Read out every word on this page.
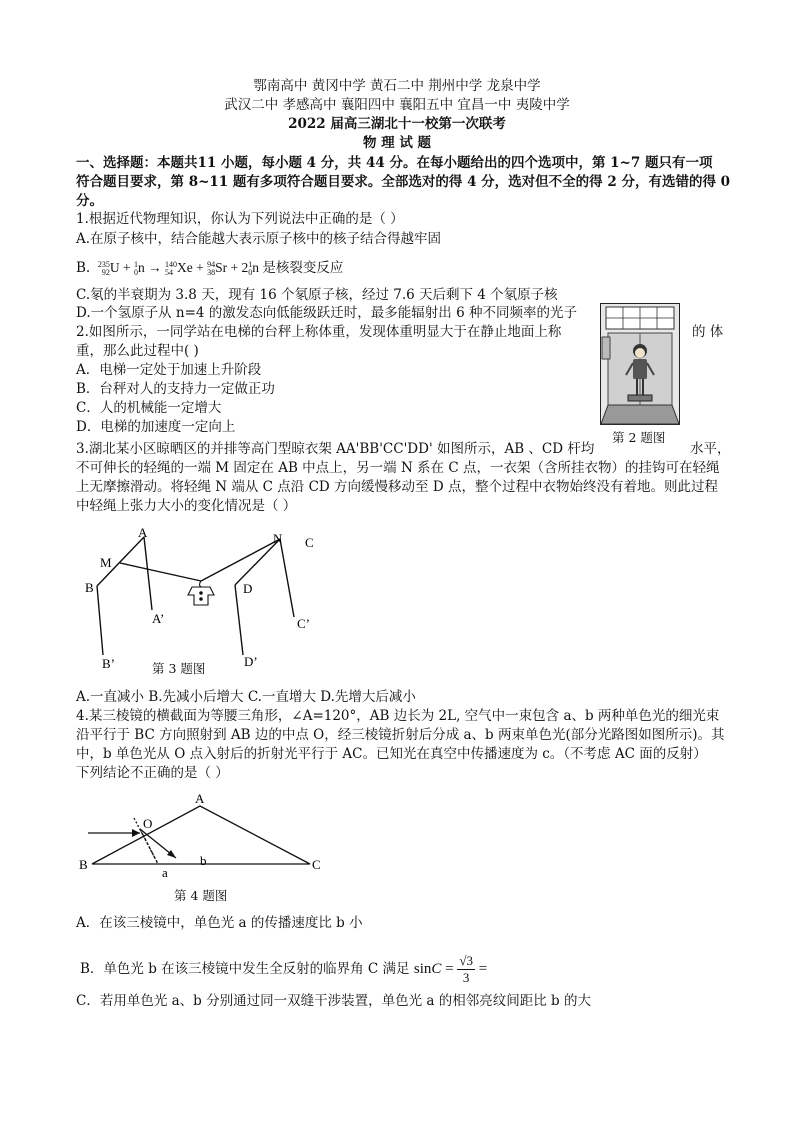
鄂南高中 黄冈中学 黄石二中 荆州中学 龙泉中学
武汉二中 孝感高中 襄阳四中 襄阳五中 宜昌一中 夷陵中学
2022 届高三湖北十一校第一次联考
物 理 试 题
一、选择题：本题共11 小题，每小题 4 分，共 44 分。在每小题给出的四个选项中，第 1~7 题只有一项
符合题目要求，第 8~11 题有多项符合题目要求。全部选对的得 4 分，选对但不全的得 2 分，有选错的得 0
分。
1.根据近代物理知识，你认为下列说法中正确的是（ ）
A.在原子核中，结合能越大表示原子核中的核子结合得越牢固
B. 235
92U + 1
0n → 140
54 Xe + 94
38Sr + 21
0n 是核裂变反应
C.氡的半衰期为 3.8 天，现有 16 个氡原子核，经过 7.6 天后剩下 4 个氡原子核
D.一个氢原子从 n=4 的激发态向低能级跃迁时，最多能辐射出 6 种不同频率的光子
2.如图所示，一同学站在电梯的台秤上称体重，发现体重明显大于在静止地面上称	的 体
重，那么此过程中( )
A．电梯一定处于加速上升阶段
B．台秤对人的支持力一定做正功
C．人的机械能一定增大
D．电梯的加速度一定向上
第 2 题图
3.湖北某小区晾晒区的并排等高门型晾衣架 AA'BB'CC'DD' 如图所示，AB 、CD 杆均	水平，
不可伸长的轻绳的一端 M 固定在 AB 中点上，另一端 N 系在 C 点，一衣架（含所挂衣物）的挂钩可在轻绳
上无摩擦滑动。将轻绳 N 端从 C 点沿 CD 方向缓慢移动至 D 点，整个过程中衣物始终没有着地。则此过程
中轻绳上张力大小的变化情况是（ ）
A
M
B
A’
B’
N C
D
C’
D’
第 3 题图
A.一直减小 B.先减小后增大 C.一直增大 D.先增大后减小
4.某三棱镜的横截面为等腰三角形，∠A=120°，AB 边长为 2L, 空气中一束包含 a、b 两种单色光的细光束
沿平行于 BC 方向照射到 AB 边的中点 O，经三棱镜折射后分成 a、b 两束单色光(部分光路图如图所示)。其
中，b 单色光从 O 点入射后的折射光平行于 AC。已知光在真空中传播速度为 c。（不考虑 AC 面的反射）
下列结论不正确的是（ ）
A
O
B	C
a
b
第 4 题图
A．在该三棱镜中，单色光 a 的传播速度比 b 小
B．单色光 b 在该三棱镜中发生全反射的临界角 C 满足 $\sin C = \frac{√3}{3}$ =
C．若用单色光 a、b 分别通过同一双缝干涉装置，单色光 a 的相邻亮纹间距比 b 的大
